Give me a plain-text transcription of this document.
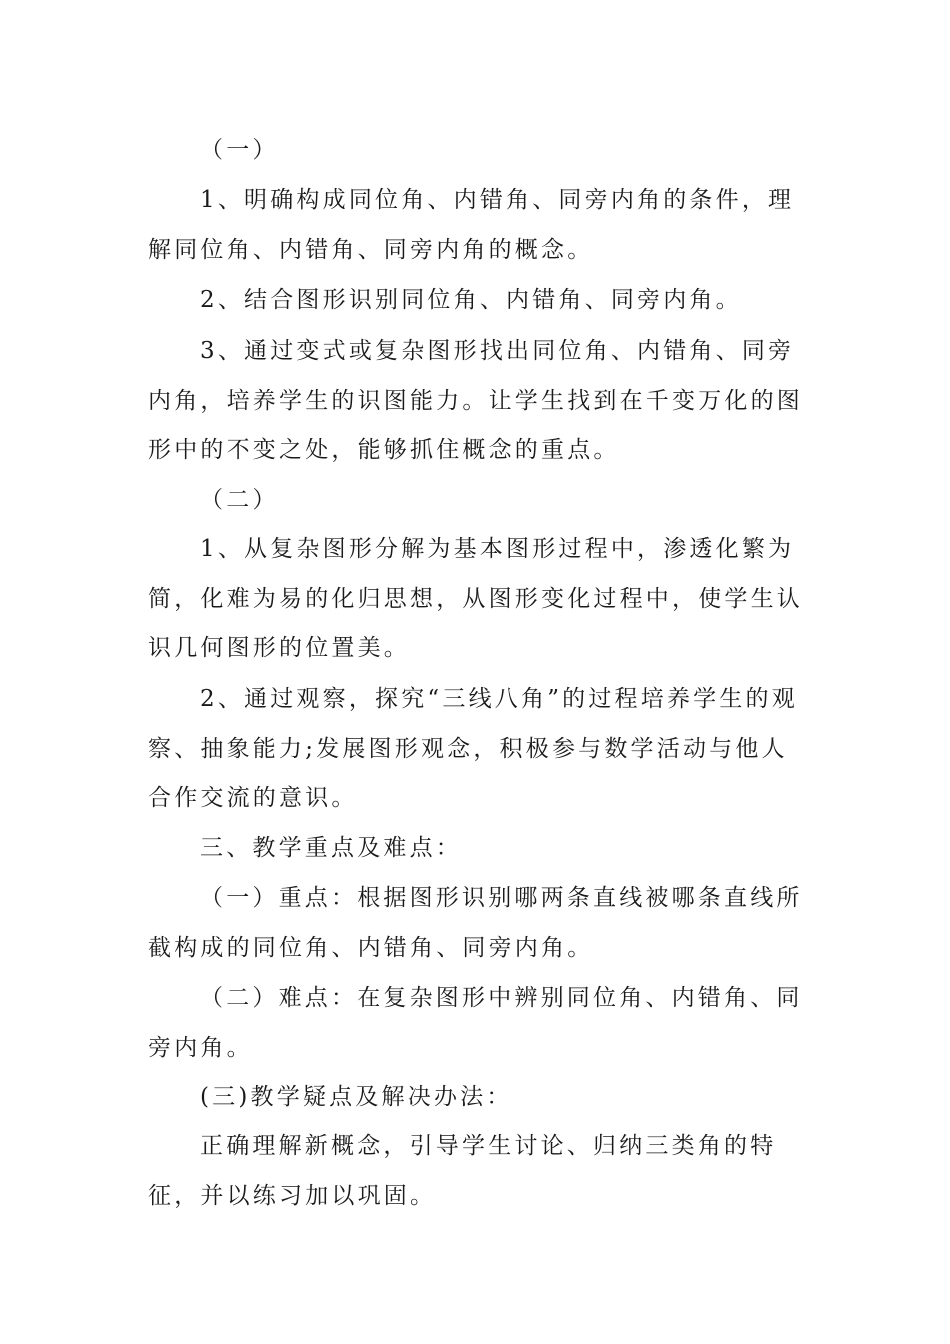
（一）

1、明确构成同位角、内错角、同旁内角的条件，理解同位角、内错角、同旁内角的概念。

2、结合图形识别同位角、内错角、同旁内角。

3、通过变式或复杂图形找出同位角、内错角、同旁内角，培养学生的识图能力。让学生找到在千变万化的图形中的不变之处，能够抓住概念的重点。

（二）

1、从复杂图形分解为基本图形过程中，渗透化繁为简，化难为易的化归思想，从图形变化过程中，使学生认识几何图形的位置美。

2、通过观察，探究“三线八角”的过程培养学生的观察、抽象能力;发展图形观念，积极参与数学活动与他人合作交流的意识。

三、教学重点及难点：

（一）重点：根据图形识别哪两条直线被哪条直线所截构成的同位角、内错角、同旁内角。

（二）难点：在复杂图形中辨别同位角、内错角、同旁内角。

(三)教学疑点及解决办法：

正确理解新概念，引导学生讨论、归纳三类角的特征，并以练习加以巩固。
